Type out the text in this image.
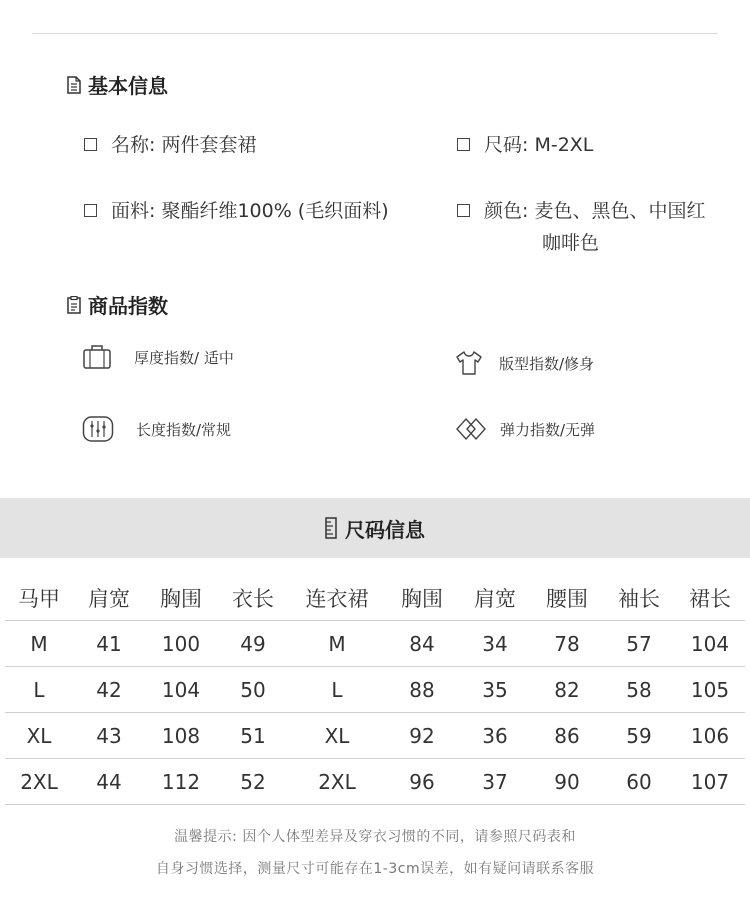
基本信息
名称: 两件套套裙	尺码: M-2XL
面料: 聚酯纤维100% (毛织面料)	颜色: 麦色、黑色、中国红
咖啡色
商品指数
厚度指数/ 适中	版型指数/修身
长度指数/常规	弹力指数/无弹
尺码信息
马甲	肩宽	胸围	衣长	连衣裙	胸围	肩宽	腰围	袖长	裙长
M	41	100	49	M	84	34	78	57	104
L	42	104	50	L	88	35	82	58	105
XL	43	108	51	XL	92	36	86	59	106
2XL	44	112	52	2XL	96	37	90	60	107
温馨提示: 因个人体型差异及穿衣习惯的不同，请参照尺码表和
自身习惯选择，测量尺寸可能存在1-3cm误差，如有疑问请联系客服
